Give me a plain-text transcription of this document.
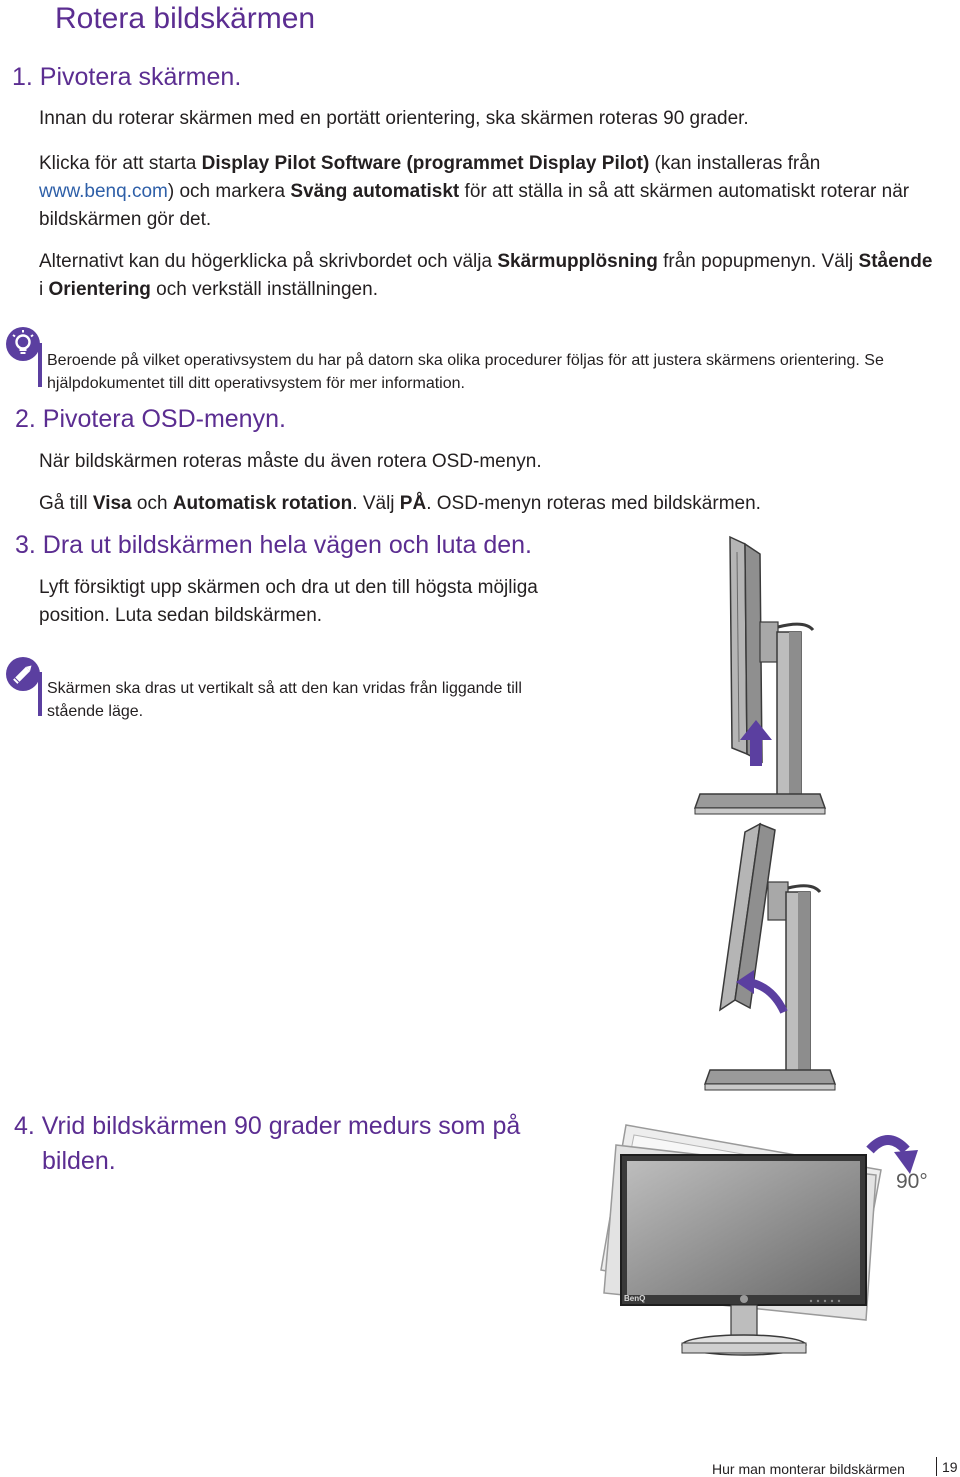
Rotera bildskärmen
1. Pivotera skärmen.
Innan du roterar skärmen med en portätt orientering, ska skärmen roteras 90 grader.
Klicka för att starta Display Pilot Software (programmet Display Pilot) (kan installeras från www.benq.com) och markera Sväng automatiskt för att ställa in så att skärmen automatiskt roterar när bildskärmen gör det.
Alternativt kan du högerklicka på skrivbordet och välja Skärmupplösning från popupmenyn. Välj Stående i Orientering och verkställ inställningen.
Beroende på vilket operativsystem du har på datorn ska olika procedurer följas för att justera skärmens orientering. Se hjälpdokumentet till ditt operativsystem för mer information.
2. Pivotera OSD-menyn.
När bildskärmen roteras måste du även rotera OSD-menyn.
Gå till Visa och Automatisk rotation. Välj PÅ. OSD-menyn roteras med bildskärmen.
3. Dra ut bildskärmen hela vägen och luta den.
Lyft försiktigt upp skärmen och dra ut den till högsta möjliga position. Luta sedan bildskärmen.
Skärmen ska dras ut vertikalt så att den kan vridas från liggande till stående läge.
4. Vrid bildskärmen 90 grader medurs som på
bilden.
BenQ
90°
Hur man monterar bildskärmen	19
